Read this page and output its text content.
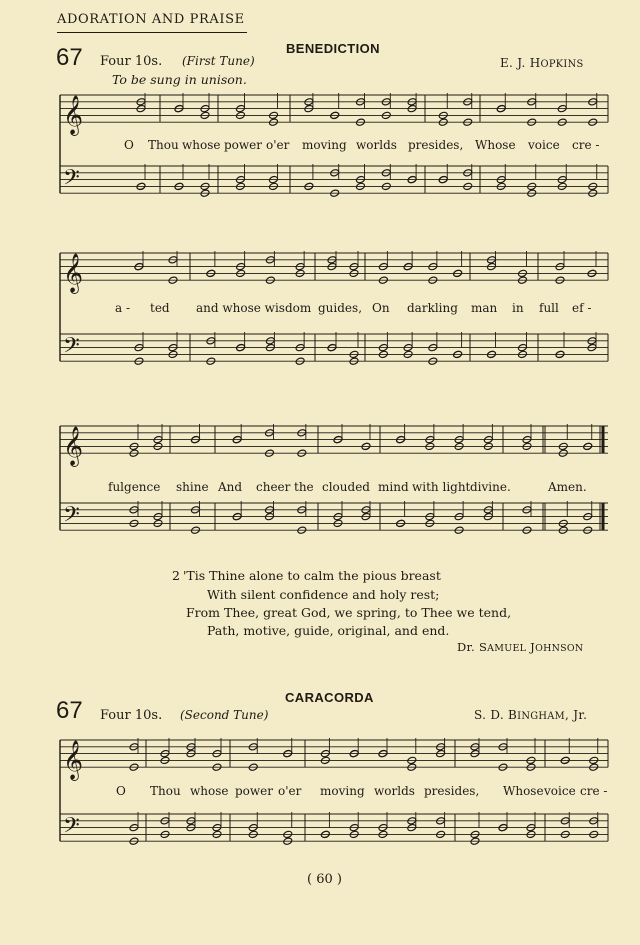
ADORATION AND PRAISE
67 Four 10s. (First Tune)
BENEDICTION
E. J. HOPKINS
To be sung in unison.
𝄞
𝄢
𝄞
𝄢
𝄞
𝄢
𝄞
𝄢
O Thou whose power o'er moving worlds presides, Whose voice cre -
a - ted and whose wisdom guides, On darkling man in full ef -
fulgence shine And cheer the clouded mind with light divine.	Amen.
2 'Tis Thine alone to calm the pious breast
With silent confidence and holy rest;
From Thee, great God, we spring, to Thee we tend,
Path, motive, guide, original, and end.
Dr. SAMUEL JOHNSON
CARACORDA
67 Four 10s. (Second Tune)	S. D. BINGHAM, Jr.
O Thou whose power o'er moving worlds presides, Whose voice cre -
( 60 )
